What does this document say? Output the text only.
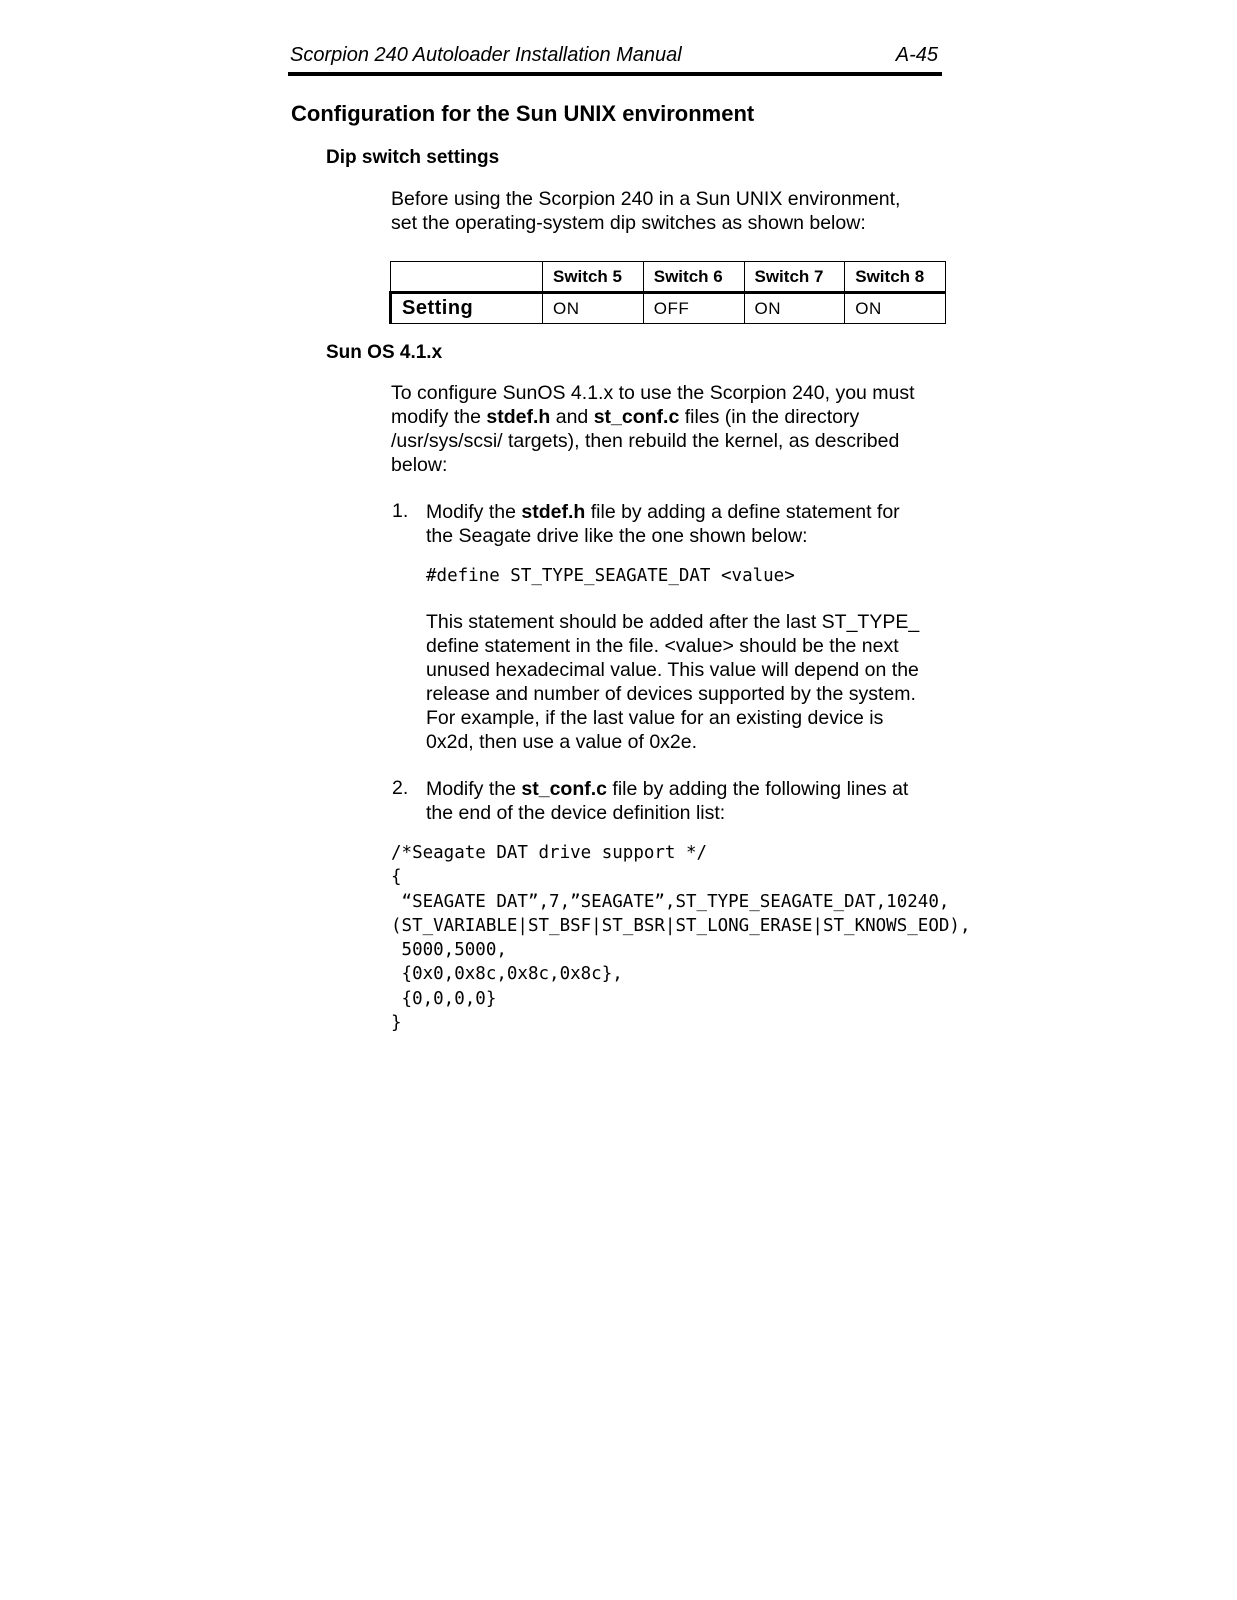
Scorpion 240 Autoloader Installation Manual	A-45
Configuration for the Sun UNIX environment
Dip switch settings
Before using the Scorpion 240 in a Sun UNIX environment,
set the operating-system dip switches as shown below:
	Switch 5	Switch 6	Switch 7	Switch 8
Setting	ON	OFF	ON	ON
Sun OS 4.1.x
To configure SunOS 4.1.x to use the Scorpion 240, you must
modify the stdef.h and st_conf.c files (in the directory
/usr/sys/scsi/ targets), then rebuild the kernel, as described
below:
1. Modify the stdef.h file by adding a define statement for
the Seagate drive like the one shown below:
#define ST_TYPE_SEAGATE_DAT <value>
This statement should be added after the last ST_TYPE_
define statement in the file. <value> should be the next
unused hexadecimal value. This value will depend on the
release and number of devices supported by the system.
For example, if the last value for an existing device is
0x2d, then use a value of 0x2e.
2. Modify the st_conf.c file by adding the following lines at
the end of the device definition list:
/*Seagate DAT drive support */
{
“SEAGATE DAT”,7,”SEAGATE”,ST_TYPE_SEAGATE_DAT,10240,
(ST_VARIABLE|ST_BSF|ST_BSR|ST_LONG_ERASE|ST_KNOWS_EOD),
5000,5000,
{0x0,0x8c,0x8c,0x8c},
{0,0,0,0}
}
